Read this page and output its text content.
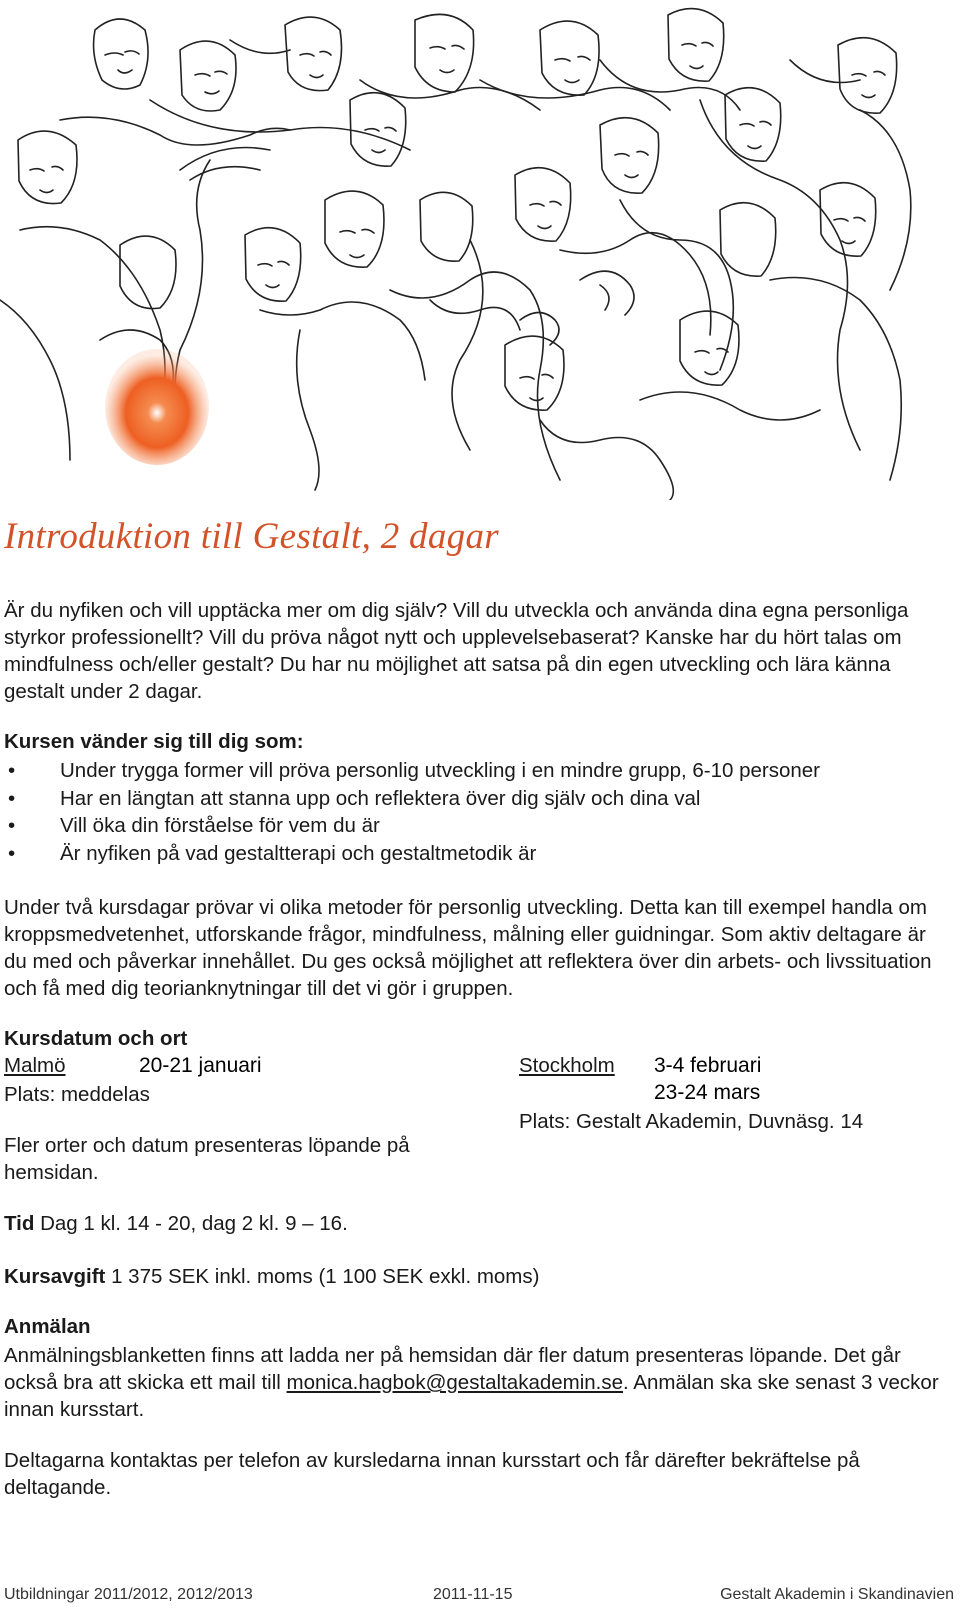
Introduktion till Gestalt, 2 dagar

Är du nyfiken och vill upptäcka mer om dig själv? Vill du utveckla och använda dina egna personliga styrkor professionellt? Vill du pröva något nytt och upplevelsebaserat? Kanske har du hört talas om mindfulness och/eller gestalt? Du har nu möjlighet att satsa på din egen utveckling och lära känna gestalt under 2 dagar.

Kursen vänder sig till dig som:
• Under trygga former vill pröva personlig utveckling i en mindre grupp, 6-10 personer
• Har en längtan att stanna upp och reflektera över dig själv och dina val
• Vill öka din förståelse för vem du är
• Är nyfiken på vad gestaltterapi och gestaltmetodik är

Under två kursdagar prövar vi olika metoder för personlig utveckling. Detta kan till exempel handla om kroppsmedvetenhet, utforskande frågor, mindfulness, målning eller guidningar. Som aktiv deltagare är du med och påverkar innehållet. Du ges också möjlighet att reflektera över din arbets- och livssituation och få med dig teorianknytningar till det vi gör i gruppen.

Kursdatum och ort
Malmö	20-21 januari
Plats: meddelas
Stockholm 3-4 februari
23-24 mars
Plats: Gestalt Akademin, Duvnäsg. 14

Fler orter och datum presenteras löpande på hemsidan.

Tid Dag 1 kl. 14 - 20, dag 2 kl. 9 – 16.

Kursavgift 1 375 SEK inkl. moms (1 100 SEK exkl. moms)

Anmälan

Anmälningsblanketten finns att ladda ner på hemsidan där fler datum presenteras löpande. Det går också bra att skicka ett mail till monica.hagbok@gestaltakademin.se. Anmälan ska ske senast 3 veckor innan kursstart.

Deltagarna kontaktas per telefon av kursledarna innan kursstart och får därefter bekräftelse på deltagande.

Utbildningar 2011/2012, 2012/2013	2011-11-15	Gestalt Akademin i Skandinavien
